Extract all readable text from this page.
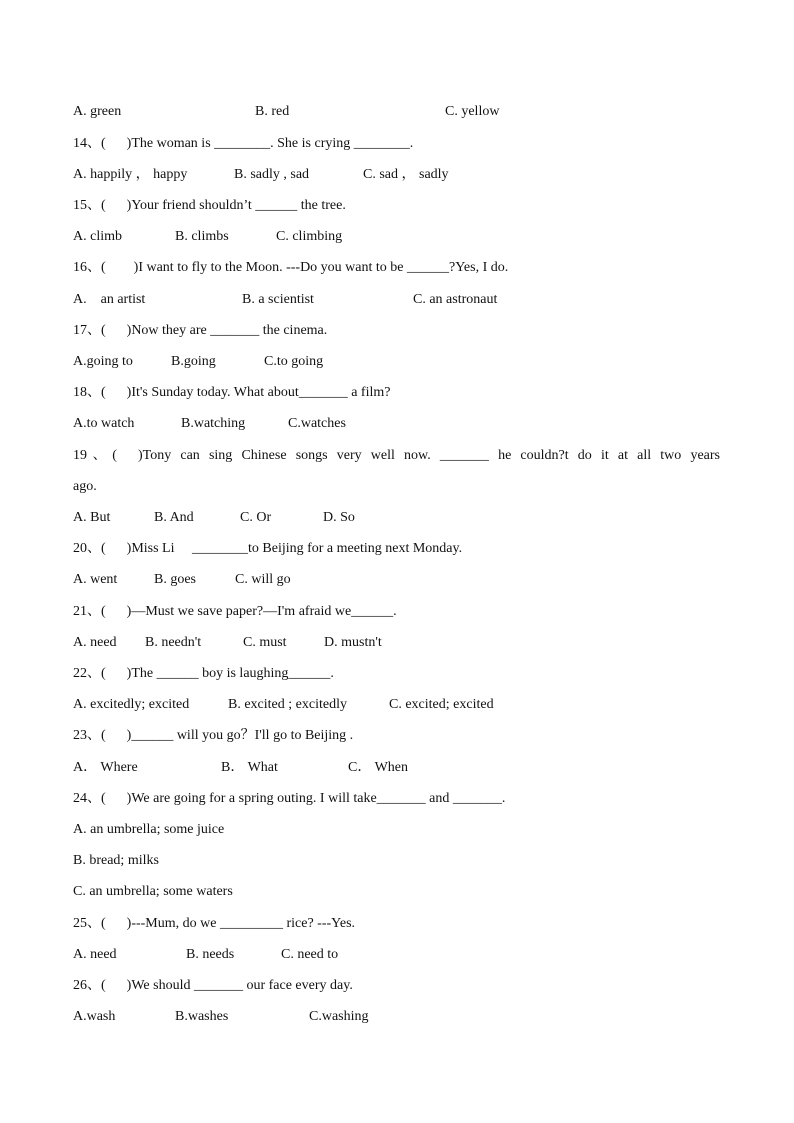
A. green	B. red	C. yellow
14、(  )The woman is ________. She is crying ________.
A. happily ， happy	B. sadly , sad	C. sad ， sadly
15、(  )Your friend shouldn’t ______ the tree.
A. climb	B. climbs	C. climbing
16、(  )I want to fly to the Moon. ---Do you want to be ______?Yes, I do.
A. an artist	B. a scientist	C. an astronaut
17、(  )Now they are _______ the cinema.
A.going to	B.going	C.to going
18、(  )It's Sunday today. What about_______ a film?
A.to watch	B.watching	C.watches
19、(  )Tony can sing Chinese songs very well now. _______ he couldn?t do it at all two years
ago.
A. But	B. And	C. Or	D. So
20、(  )Miss Li  ________to Beijing for a meeting next Monday.
A. went	B. goes	C. will go
21、(  )—Must we save paper?—I'm afraid we______.
A. need B. needn't	C. must	D. mustn't
22、(  )The ______ boy is laughing______.
A. excitedly; excited	B. excited ; excitedly	C. excited; excited
23、(  )______ will you go？I'll go to Beijing .
A． Where	B． What	C． When
24、(  )We are going for a spring outing. I will take_______ and _______.
A. an umbrella; some juice
B. bread; milks
C. an umbrella; some waters
25、(  )---Mum, do we _________ rice? ---Yes.
A. need	B. needs	C. need to
26、(  )We should _______ our face every day.
A.wash	B.washes	C.washing
